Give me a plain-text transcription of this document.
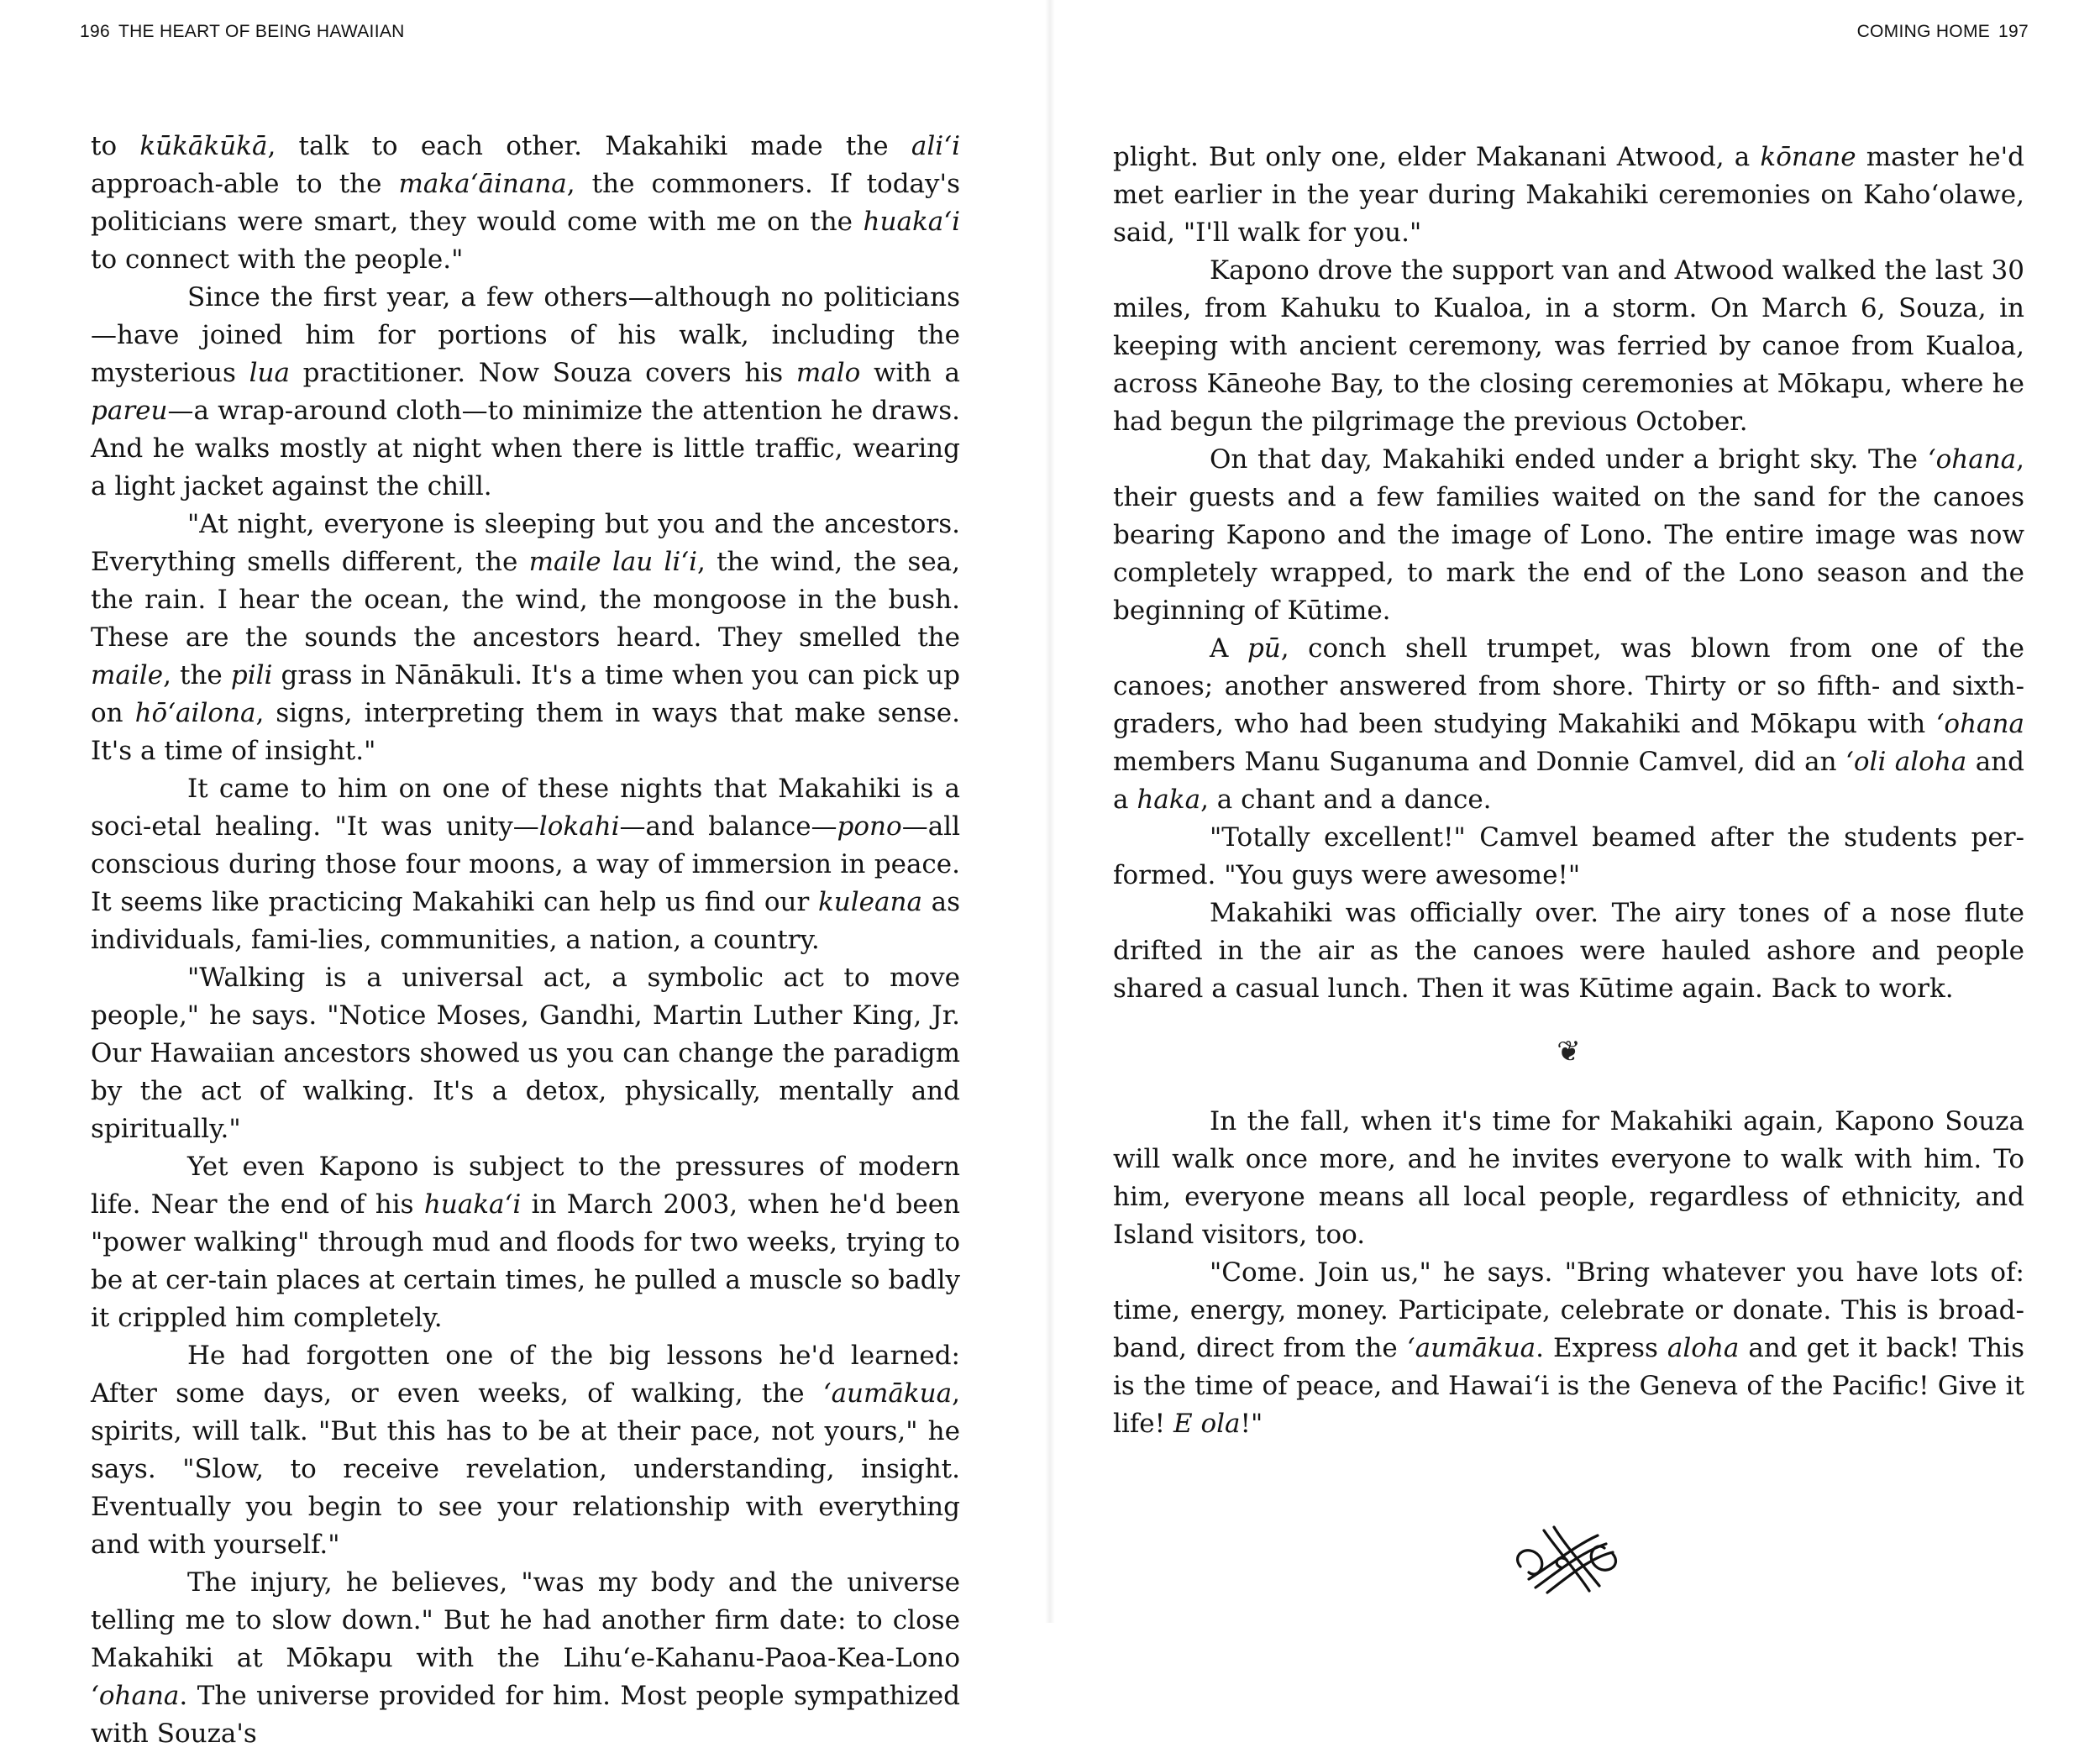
196 THE HEART OF BEING HAWAIIAN

to kūkākūkā, talk to each other. Makahiki made the ali‘i approach-able to the maka‘āinana, the commoners. If today's politicians were smart, they would come with me on the huaka‘i to connect with the people."

Since the first year, a few others—although no politicians—have joined him for portions of his walk, including the mysterious lua practitioner. Now Souza covers his malo with a pareu—a wrap-around cloth—to minimize the attention he draws. And he walks mostly at night when there is little traffic, wearing a light jacket against the chill.

"At night, everyone is sleeping but you and the ancestors. Everything smells different, the maile lau li‘i, the wind, the sea, the rain. I hear the ocean, the wind, the mongoose in the bush. These are the sounds the ancestors heard. They smelled the maile, the pili grass in Nānākuli. It's a time when you can pick up on hō‘ailona, signs, interpreting them in ways that make sense. It's a time of insight."

It came to him on one of these nights that Makahiki is a soci-etal healing. "It was unity—lokahi—and balance—pono—all conscious during those four moons, a way of immersion in peace. It seems like practicing Makahiki can help us find our kuleana as individuals, fami-lies, communities, a nation, a country.

"Walking is a universal act, a symbolic act to move people," he says. "Notice Moses, Gandhi, Martin Luther King, Jr. Our Hawaiian ancestors showed us you can change the paradigm by the act of walking. It's a detox, physically, mentally and spiritually."

Yet even Kapono is subject to the pressures of modern life. Near the end of his huaka‘i in March 2003, when he'd been "power walking" through mud and floods for two weeks, trying to be at cer-tain places at certain times, he pulled a muscle so badly it crippled him completely.

He had forgotten one of the big lessons he'd learned: After some days, or even weeks, of walking, the ‘aumākua, spirits, will talk. "But this has to be at their pace, not yours," he says. "Slow, to receive revelation, understanding, insight. Eventually you begin to see your relationship with everything and with yourself."

The injury, he believes, "was my body and the universe telling me to slow down." But he had another firm date: to close Makahiki at Mōkapu with the Lihu‘e-Kahanu-Paoa-Kea-Lono ‘ohana. The universe provided for him. Most people sympathized with Souza's

COMING HOME 197

plight. But only one, elder Makanani Atwood, a kōnane master he'd met earlier in the year during Makahiki ceremonies on Kaho‘olawe, said, "I'll walk for you."

Kapono drove the support van and Atwood walked the last 30 miles, from Kahuku to Kualoa, in a storm. On March 6, Souza, in keeping with ancient ceremony, was ferried by canoe from Kualoa, across Kāneohe Bay, to the closing ceremonies at Mōkapu, where he had begun the pilgrimage the previous October.

On that day, Makahiki ended under a bright sky. The ‘ohana, their guests and a few families waited on the sand for the canoes bearing Kapono and the image of Lono. The entire image was now completely wrapped, to mark the end of the Lono season and the beginning of Kūtime.

A pū, conch shell trumpet, was blown from one of the canoes; another answered from shore. Thirty or so fifth- and sixth-graders, who had been studying Makahiki and Mōkapu with ‘ohana members Manu Suganuma and Donnie Camvel, did an ‘oli aloha and a haka, a chant and a dance.

"Totally excellent!" Camvel beamed after the students per-formed. "You guys were awesome!"

Makahiki was officially over. The airy tones of a nose flute drifted in the air as the canoes were hauled ashore and people shared a casual lunch. Then it was Kūtime again. Back to work.

❦

In the fall, when it's time for Makahiki again, Kapono Souza will walk once more, and he invites everyone to walk with him. To him, everyone means all local people, regardless of ethnicity, and Island visitors, too.

"Come. Join us," he says. "Bring whatever you have lots of: time, energy, money. Participate, celebrate or donate. This is broad-band, direct from the ‘aumākua. Express aloha and get it back! This is the time of peace, and Hawai‘i is the Geneva of the Pacific! Give it life! E ola!"
